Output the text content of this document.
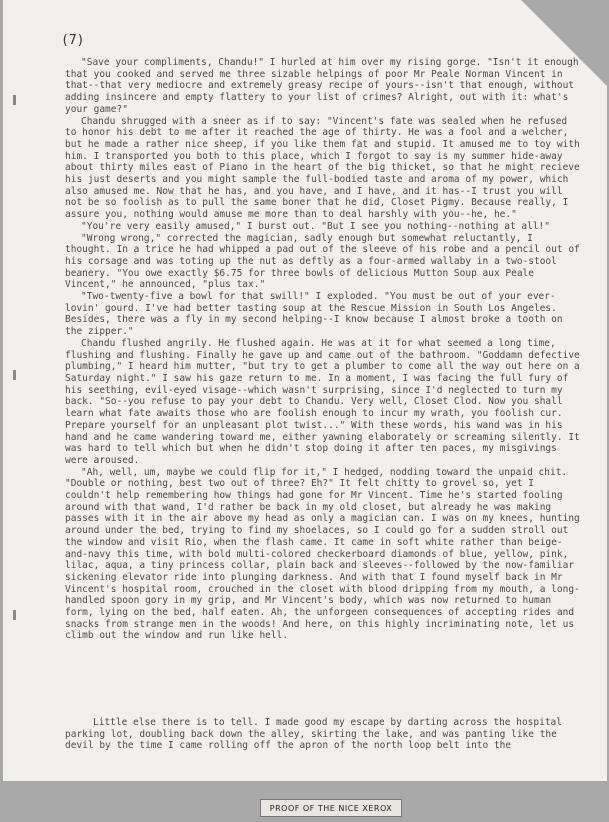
(7)

"Save your compliments, Chandu!" I hurled at him over my rising gorge. "Isn't it enough that you cooked and served me three sizable helpings of poor Mr Peale Norman Vincent in that--that very mediocre and extremely greasy recipe of yours--isn't that enough, without adding insincere and empty flattery to your list of crimes? Alright, out with it: what's your game?"

Chandu shrugged with a sneer as if to say: "Vincent's fate was sealed when he refused to honor his debt to me after it reached the age of thirty. He was a fool and a welcher, but he made a rather nice sheep, if you like them fat and stupid. It amused me to toy with him. I transported you both to this place, which I forgot to say is my summer hide-away about thirty miles east of Piano in the heart of the big thicket, so that he might recieve his just deserts and you might sample the full-bodied taste and aroma of my power, which also amused me. Now that he has, and you have, and I have, and it has--I trust you will not be so foolish as to pull the same boner that he did, Closet Pigmy. Because really, I assure you, nothing would amuse me more than to deal harshly with you--he, he."

"You're very easily amused," I burst out. "But I see you nothing--nothing at all!"

"Wrong wrong," corrected the magician, sadly enough but somewhat reluctantly, I thought. In a trice he had whipped a pad out of the sleeve of his robe and a pencil out of his corsage and was toting up the nut as deftly as a four-armed wallaby in a two-stool beanery. "You owe exactly $6.75 for three bowls of delicious Mutton Soup aux Peale Vincent," he announced, "plus tax."

"Two-twenty-five a bowl for that swill!" I exploded. "You must be out of your ever-lovin' gourd. I've had better tasting soup at the Rescue Mission in South Los Angeles. Besides, there was a fly in my second helping--I know because I almost broke a tooth on the zipper."

Chandu flushed angrily. He flushed again. He was at it for what seemed a long time, flushing and flushing. Finally he gave up and came out of the bathroom. "Goddamn defective plumbing," I heard him mutter, "but try to get a plumber to come all the way out here on a Saturday night." I saw his gaze return to me. In a moment, I was facing the full fury of his seething, evil-eyed visage--which wasn't surprising, since I'd neglected to turn my back. "So--you refuse to pay your debt to Chandu. Very well, Closet Clod. Now you shall learn what fate awaits those who are foolish enough to incur my wrath, you foolish cur. Prepare yourself for an unpleasant plot twist..." With these words, his wand was in his hand and he came wandering toward me, either yawning elaborately or screaming silently. It was hard to tell which but when he didn't stop doing it after ten paces, my misgivings were aroused.

"Ah, well, um, maybe we could flip for it," I hedged, nodding toward the unpaid chit. "Double or nothing, best two out of three? Eh?" It felt chitty to grovel so, yet I couldn't help remembering how things had gone for Mr Vincent. Time he's started fooling around with that wand, I'd rather be back in my old closet, but already he was making passes with it in the air above my head as only a magician can. I was on my knees, hunting around under the bed, trying to find my shoelaces, so I could go for a sudden stroll out the window and visit Rio, when the flash came. It came in soft white rather than beige-and-navy this time, with bold multi-colored checkerboard diamonds of blue, yellow, pink, lilac, aqua, a tiny princess collar, plain back and sleeves--followed by the now-familiar sickening elevator ride into plunging darkness. And with that I found myself back in Mr Vincent's hospital room, crouched in the closet with blood dripping from my mouth, a long-handled spoon gory in my grip, and Mr Vincent's body, which was now returned to human form, lying on the bed, half eaten. Ah, the unforgeen consequences of accepting rides and snacks from strange men in the woods! And here, on this highly incriminating note, let us climb out the window and run like hell.

Little else there is to tell. I made good my escape by darting across the hospital parking lot, doubling back down the alley, skirting the lake, and was panting like the devil by the time I came rolling off the apron of the north loop belt into the

PROOF OF THE NICE XEROX
